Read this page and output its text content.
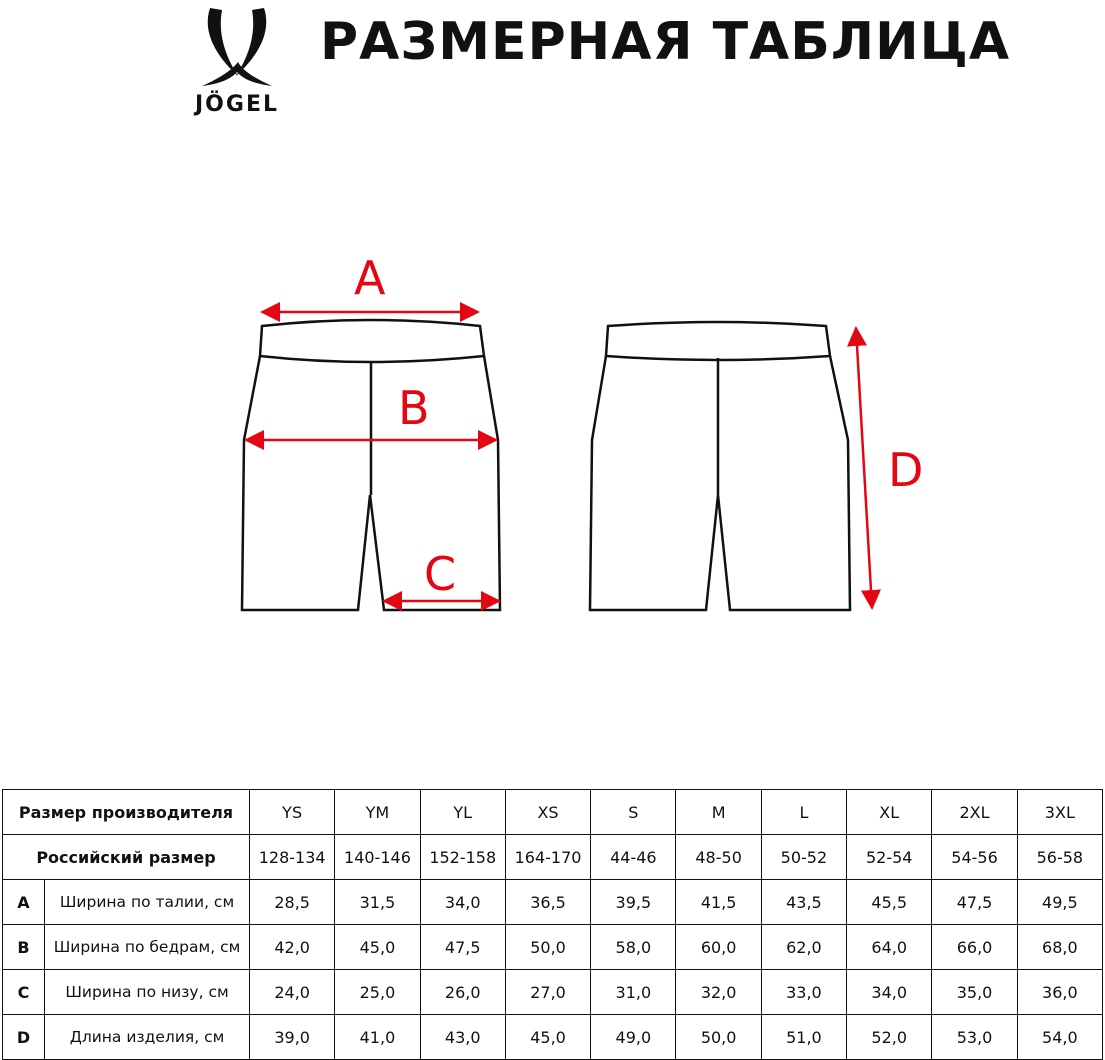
JÖGEL
РАЗМЕРНАЯ ТАБЛИЦА
A
B
C
D
Размер производителя		YS	YM	YL	XS	S	M	L	XL	2XL	3XL
Российский размер		128-134	140-146	152-158	164-170	44-46	48-50	50-52	52-54	54-56	56-58
A	Ширина по талии, см	28,5	31,5	34,0	36,5	39,5	41,5	43,5	45,5	47,5	49,5
B	Ширина по бедрам, см	42,0	45,0	47,5	50,0	58,0	60,0	62,0	64,0	66,0	68,0
C	Ширина по низу, см	24,0	25,0	26,0	27,0	31,0	32,0	33,0	34,0	35,0	36,0
D	Длина изделия, см	39,0	41,0	43,0	45,0	49,0	50,0	51,0	52,0	53,0	54,0
